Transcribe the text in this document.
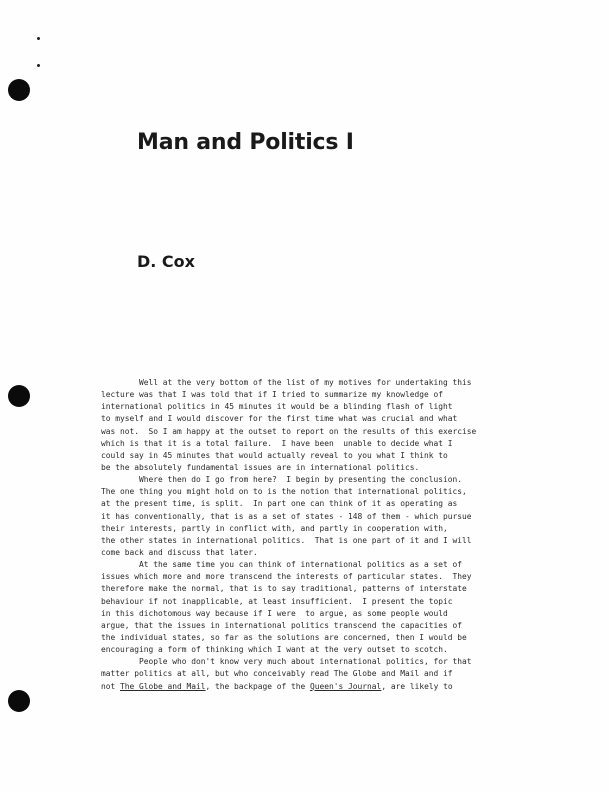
Man and Politics I
D. Cox
Well at the very bottom of the list of my motives for undertaking this
lecture was that I was told that if I tried to summarize my knowledge of
international politics in 45 minutes it would be a blinding flash of light
to myself and I would discover for the first time what was crucial and what
was not.  So I am happy at the outset to report on the results of this exercise
which is that it is a total failure.  I have been  unable to decide what I
could say in 45 minutes that would actually reveal to you what I think to
be the absolutely fundamental issues are in international politics.
Where then do I go from here?  I begin by presenting the conclusion.
The one thing you might hold on to is the notion that international politics,
at the present time, is split.  In part one can think of it as operating as
it has conventionally, that is as a set of states - 148 of them - which pursue
their interests, partly in conflict with, and partly in cooperation with,
the other states in international politics.  That is one part of it and I will
come back and discuss that later.
At the same time you can think of international politics as a set of
issues which more and more transcend the interests of particular states.  They
therefore make the normal, that is to say traditional, patterns of interstate
behaviour if not inapplicable, at least insufficient.  I present the topic
in this dichotomous way because if I were  to argue, as some people would
argue, that the issues in international politics transcend the capacities of
the individual states, so far as the solutions are concerned, then I would be
encouraging a form of thinking which I want at the very outset to scotch.
People who don't know very much about international politics, for that
matter politics at all, but who conceivably read The Globe and Mail and if
not The Globe and Mail, the backpage of the Queen's Journal, are likely to
